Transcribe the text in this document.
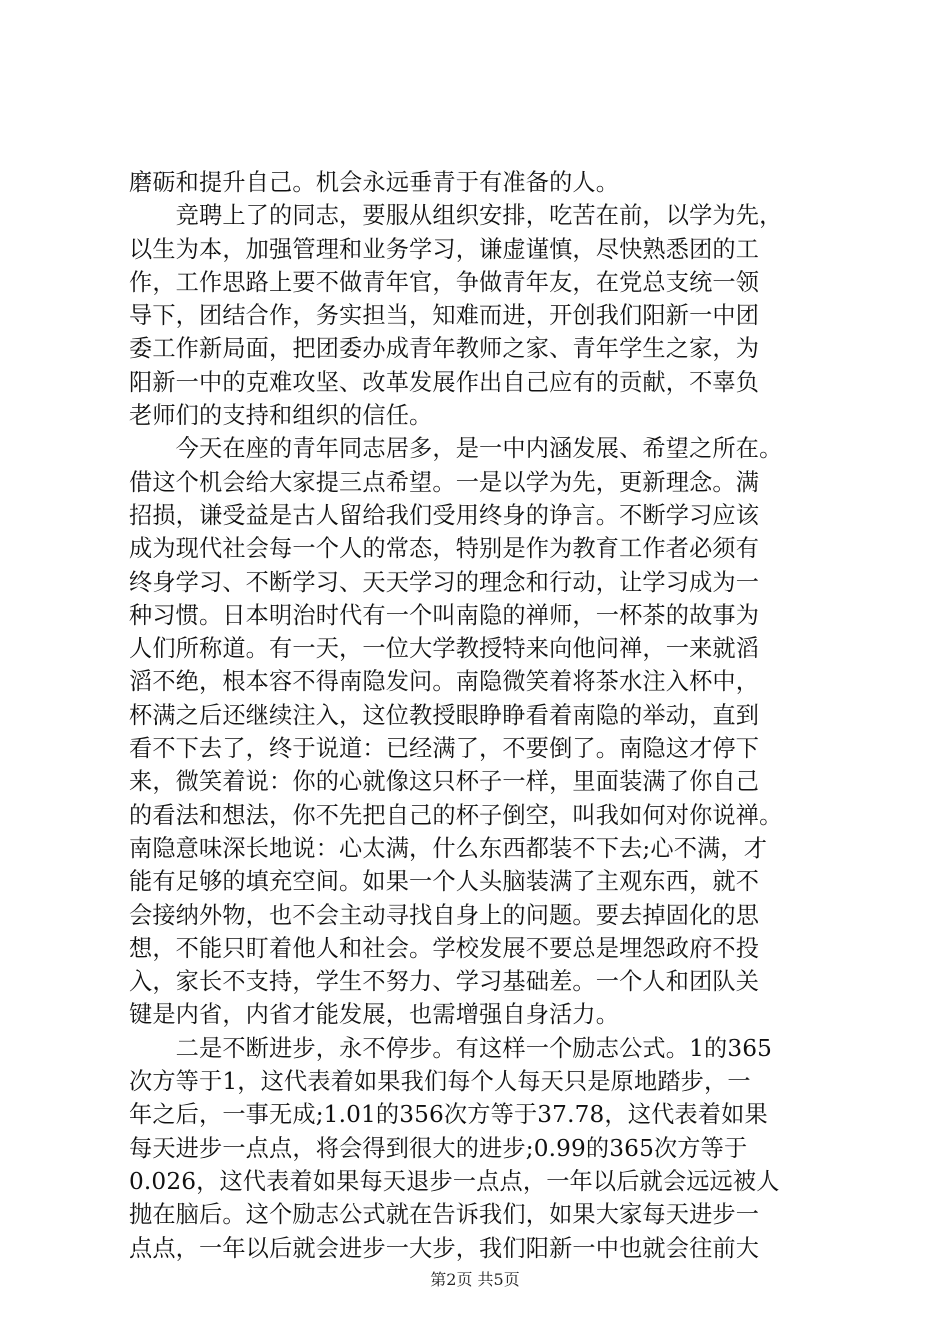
磨砺和提升自己。机会永远垂青于有准备的人。
　　竞聘上了的同志，要服从组织安排，吃苦在前，以学为先，
以生为本，加强管理和业务学习，谦虚谨慎，尽快熟悉团的工
作，工作思路上要不做青年官，争做青年友，在党总支统一领
导下，团结合作，务实担当，知难而进，开创我们阳新一中团
委工作新局面，把团委办成青年教师之家、青年学生之家，为
阳新一中的克难攻坚、改革发展作出自己应有的贡献，不辜负
老师们的支持和组织的信任。
　　今天在座的青年同志居多，是一中内涵发展、希望之所在。
借这个机会给大家提三点希望。一是以学为先，更新理念。满
招损，谦受益是古人留给我们受用终身的诤言。不断学习应该
成为现代社会每一个人的常态，特别是作为教育工作者必须有
终身学习、不断学习、天天学习的理念和行动，让学习成为一
种习惯。日本明治时代有一个叫南隐的禅师，一杯茶的故事为
人们所称道。有一天，一位大学教授特来向他问禅，一来就滔
滔不绝，根本容不得南隐发问。南隐微笑着将茶水注入杯中，
杯满之后还继续注入，这位教授眼睁睁看着南隐的举动，直到
看不下去了，终于说道：已经满了，不要倒了。南隐这才停下
来，微笑着说：你的心就像这只杯子一样，里面装满了你自己
的看法和想法，你不先把自己的杯子倒空，叫我如何对你说禅。
南隐意味深长地说：心太满，什么东西都装不下去;心不满，才
能有足够的填充空间。如果一个人头脑装满了主观东西，就不
会接纳外物，也不会主动寻找自身上的问题。要去掉固化的思
想，不能只盯着他人和社会。学校发展不要总是埋怨政府不投
入，家长不支持，学生不努力、学习基础差。一个人和团队关
键是内省，内省才能发展，也需增强自身活力。
　　二是不断进步，永不停步。有这样一个励志公式。1的365
次方等于1，这代表着如果我们每个人每天只是原地踏步，一
年之后，一事无成;1.01的356次方等于37.78，这代表着如果
每天进步一点点，将会得到很大的进步;0.99的365次方等于
0.026，这代表着如果每天退步一点点，一年以后就会远远被人
抛在脑后。这个励志公式就在告诉我们，如果大家每天进步一
点点，一年以后就会进步一大步，我们阳新一中也就会往前大
第2页 共5页
